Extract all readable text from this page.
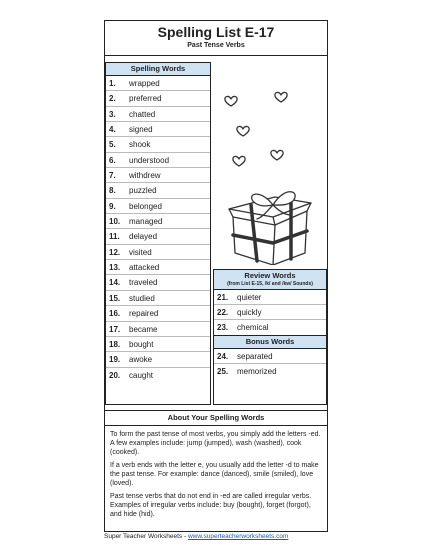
Spelling List E-17
Past Tense Verbs
Spelling Words
1. wrapped
2. preferred
3. chatted
4. signed
5. shook
6. understood
7. withdrew
8. puzzled
9. belonged
10. managed
11. delayed
12. visited
13. attacked
14. traveled
15. studied
16. repaired
17. became
18. bought
19. awoke
20. caught
Review Words
(from List E-15, /k/ and /kw/ Sounds)
21. quieter
22. quickly
23. chemical
Bonus Words
24. separated
25. memorized
About Your Spelling Words

To form the past tense of most verbs, you simply add the letters -ed. A few examples include: jump (jumped), wash (washed), cook (cooked).

If a verb ends with the letter e, you usually add the letter -d to make the past tense. For example: dance (danced), smile (smiled), love (loved).

Past tense verbs that do not end in -ed are called irregular verbs. Examples of irregular verbs include: buy (bought), forget (forgot), and hide (hid).

Super Teacher Worksheets - www.superteacherworksheets.com
